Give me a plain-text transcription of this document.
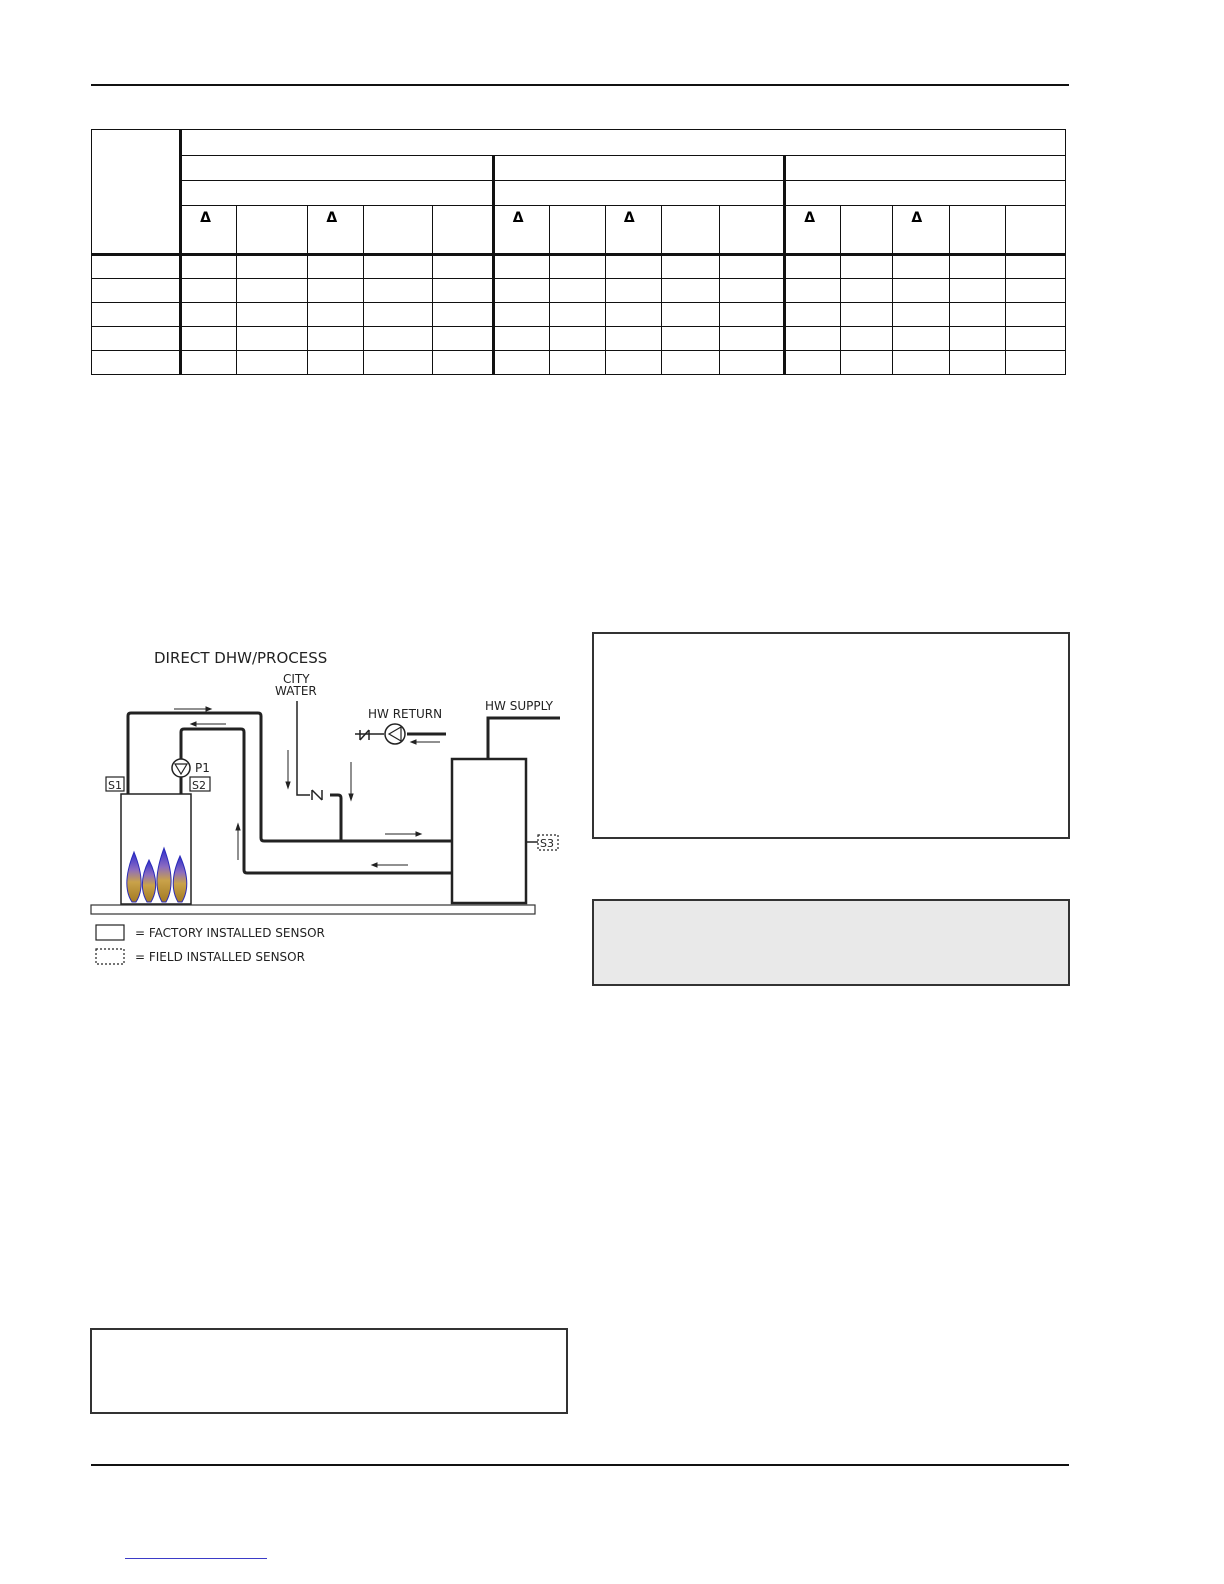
	Δ		Δ			Δ		Δ			Δ		Δ		

DIRECT DHW/PROCESS
P1
CITY
WATER
HW RETURN
HW SUPPLY
S1	S2
S3
= FACTORY INSTALLED SENSOR
= FIELD INSTALLED SENSOR
